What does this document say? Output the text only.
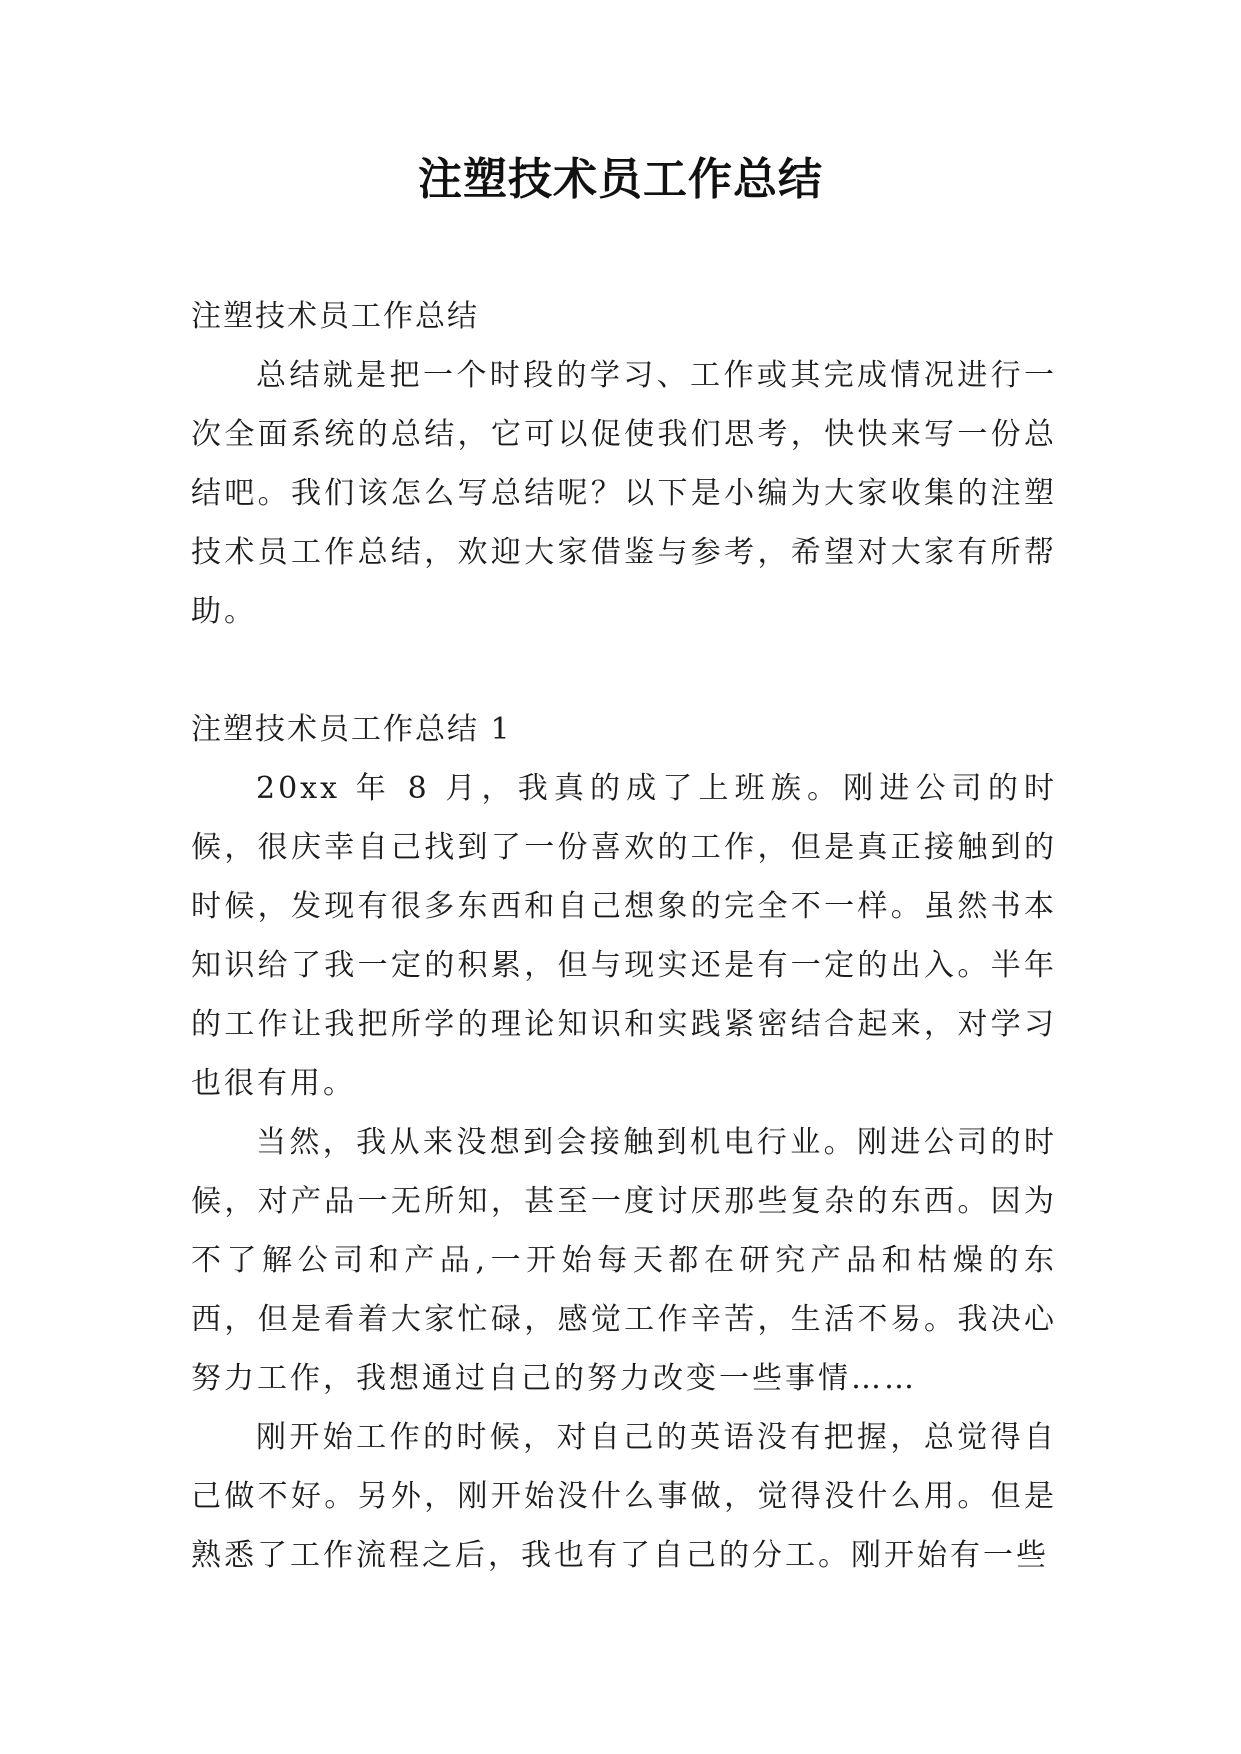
注塑技术员工作总结

注塑技术员工作总结

总结就是把一个时段的学习、工作或其完成情况进行一次全面系统的总结，它可以促使我们思考，快快来写一份总结吧。我们该怎么写总结呢？以下是小编为大家收集的注塑技术员工作总结，欢迎大家借鉴与参考，希望对大家有所帮助。

注塑技术员工作总结 1

20xx 年 8 月，我真的成了上班族。刚进公司的时候，很庆幸自己找到了一份喜欢的工作，但是真正接触到的时候，发现有很多东西和自己想象的完全不一样。虽然书本知识给了我一定的积累，但与现实还是有一定的出入。半年的工作让我把所学的理论知识和实践紧密结合起来，对学习也很有用。

当然，我从来没想到会接触到机电行业。刚进公司的时候，对产品一无所知，甚至一度讨厌那些复杂的东西。因为不了解公司和产品,一开始每天都在研究产品和枯燥的东西，但是看着大家忙碌，感觉工作辛苦，生活不易。我决心努力工作，我想通过自己的努力改变一些事情……

刚开始工作的时候，对自己的英语没有把握，总觉得自己做不好。另外，刚开始没什么事做，觉得没什么用。但是熟悉了工作流程之后，我也有了自己的分工。刚开始有一些
